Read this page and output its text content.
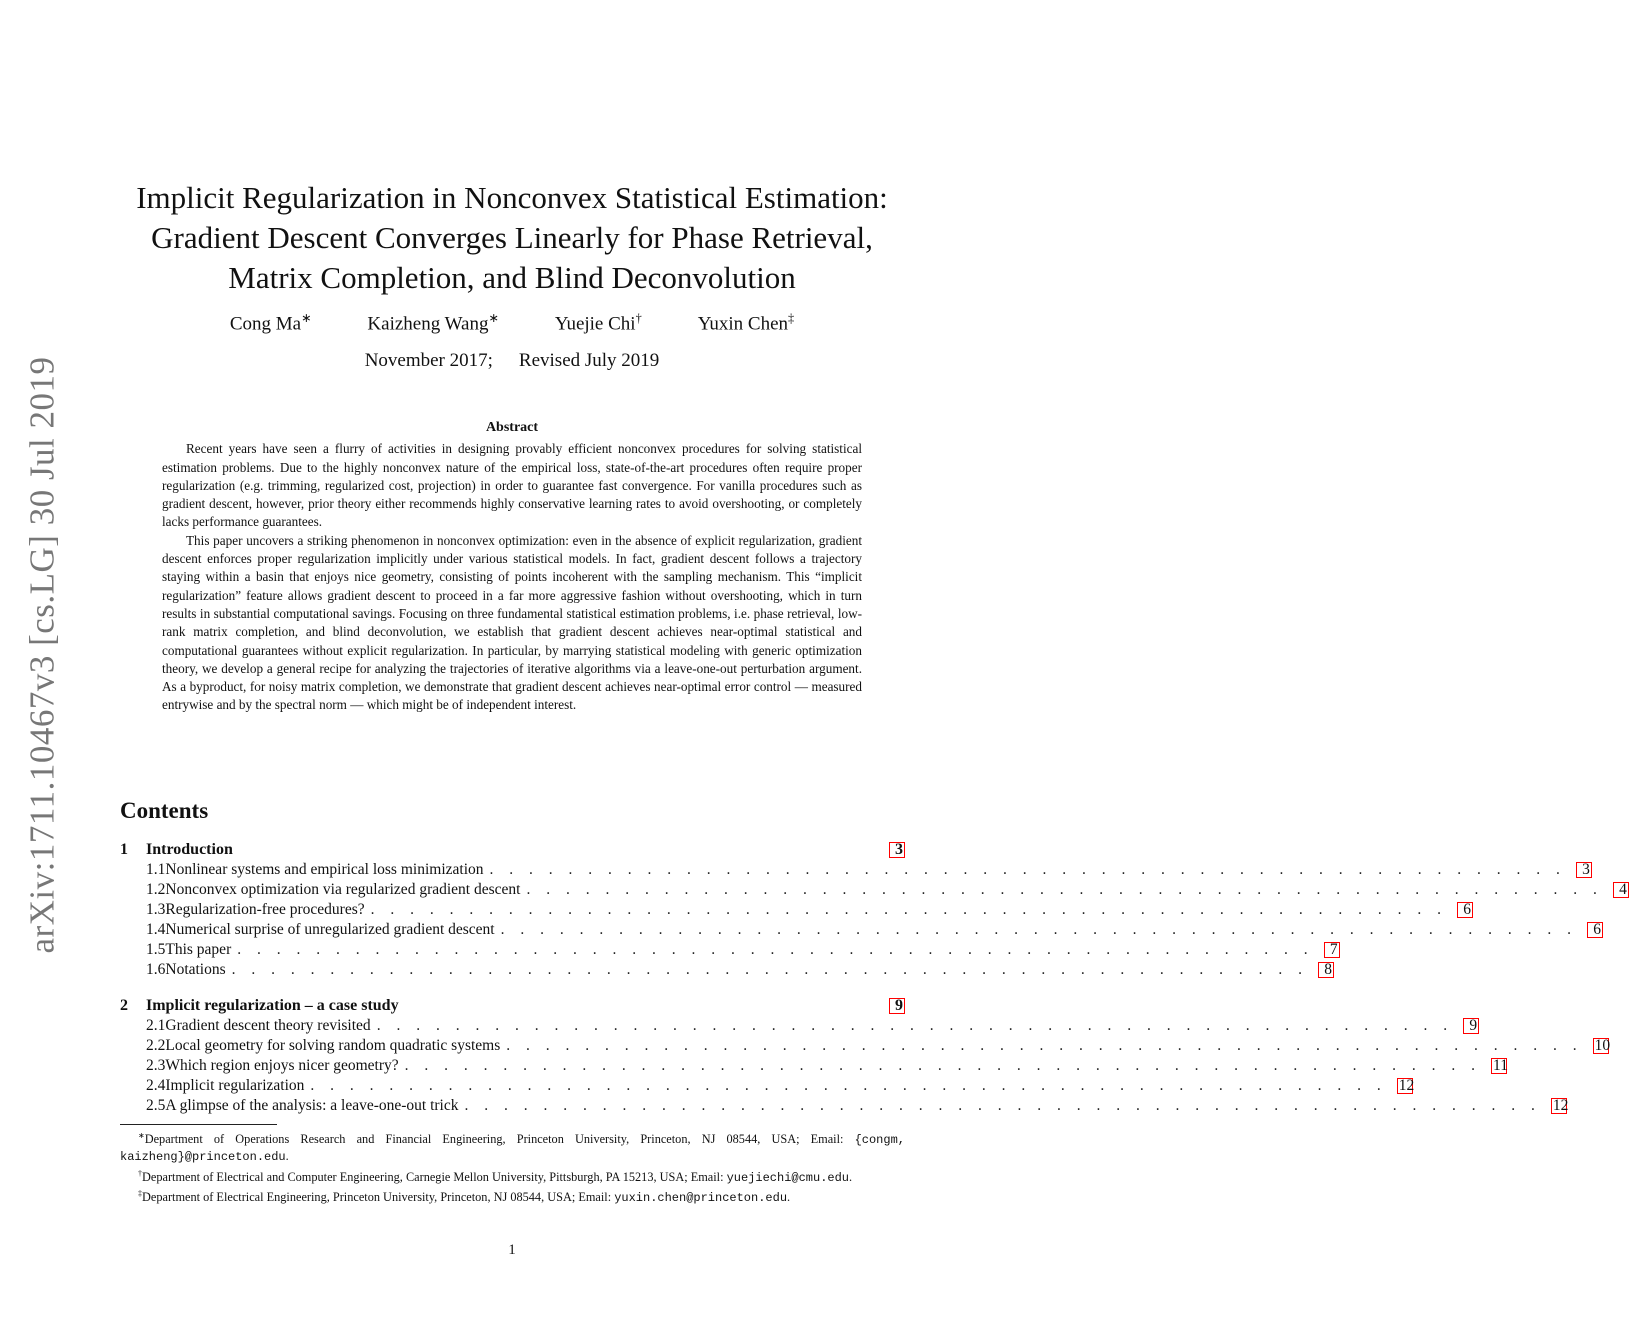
arXiv:1711.10467v3 [cs.LG] 30 Jul 2019
Implicit Regularization in Nonconvex Statistical Estimation:
Gradient Descent Converges Linearly for Phase Retrieval,
Matrix Completion, and Blind Deconvolution
Cong Ma∗	Kaizheng Wang∗	Yuejie Chi†	Yuxin Chen‡
November 2017; Revised July 2019
Abstract

Recent years have seen a flurry of activities in designing provably efficient nonconvex procedures for solving statistical estimation problems. Due to the highly nonconvex nature of the empirical loss, state-of-the-art procedures often require proper regularization (e.g. trimming, regularized cost, projection) in order to guarantee fast convergence. For vanilla procedures such as gradient descent, however, prior theory either recommends highly conservative learning rates to avoid overshooting, or completely lacks performance guarantees.

This paper uncovers a striking phenomenon in nonconvex optimization: even in the absence of explicit regularization, gradient descent enforces proper regularization implicitly under various statistical models. In fact, gradient descent follows a trajectory staying within a basin that enjoys nice geometry, consisting of points incoherent with the sampling mechanism. This “implicit regularization” feature allows gradient descent to proceed in a far more aggressive fashion without overshooting, which in turn results in substantial computational savings. Focusing on three fundamental statistical estimation problems, i.e. phase retrieval, low-rank matrix completion, and blind deconvolution, we establish that gradient descent achieves near-optimal statistical and computational guarantees without explicit regularization. In particular, by marrying statistical modeling with generic optimization theory, we develop a general recipe for analyzing the trajectories of iterative algorithms via a leave-one-out perturbation argument. As a byproduct, for noisy matrix completion, we demonstrate that gradient descent achieves near-optimal error control — measured entrywise and by the spectral norm — which might be of independent interest.

Contents
1	Introduction	3
1.1 Nonlinear systems and empirical loss minimization . . . . . . . . . . . . . . . . . . . . . . . . . . . . . . . . . . . . . . . . . . . . . . . . . . . . . . .	3
1.2 Nonconvex optimization via regularized gradient descent . . . . . . . . . . . . . . . . . . . . . . . . . . . . . . . . . . . . . . . . . . . . . . . . . . . . . . .	4
1.3 Regularization-free procedures? . . . . . . . . . . . . . . . . . . . . . . . . . . . . . . . . . . . . . . . . . . . . . . . . . . . . . . .	6
1.4 Numerical surprise of unregularized gradient descent . . . . . . . . . . . . . . . . . . . . . . . . . . . . . . . . . . . . . . . . . . . . . . . . . . . . . . .	6
1.5 This paper . . . . . . . . . . . . . . . . . . . . . . . . . . . . . . . . . . . . . . . . . . . . . . . . . . . . . . .	7
1.6 Notations . . . . . . . . . . . . . . . . . . . . . . . . . . . . . . . . . . . . . . . . . . . . . . . . . . . . . . .	8
2	Implicit regularization – a case study	9
2.1 Gradient descent theory revisited . . . . . . . . . . . . . . . . . . . . . . . . . . . . . . . . . . . . . . . . . . . . . . . . . . . . . . .	9
2.2 Local geometry for solving random quadratic systems . . . . . . . . . . . . . . . . . . . . . . . . . . . . . . . . . . . . . . . . . . . . . . . . . . . . . . . 10
2.3 Which region enjoys nicer geometry? . . . . . . . . . . . . . . . . . . . . . . . . . . . . . . . . . . . . . . . . . . . . . . . . . . . . . . . 11
2.4 Implicit regularization . . . . . . . . . . . . . . . . . . . . . . . . . . . . . . . . . . . . . . . . . . . . . . . . . . . . . . . 12
2.5 A glimpse of the analysis: a leave-one-out trick . . . . . . . . . . . . . . . . . . . . . . . . . . . . . . . . . . . . . . . . . . . . . . . . . . . . . . . 12

∗Department of Operations Research and Financial Engineering, Princeton University, Princeton, NJ 08544, USA; Email: {congm, kaizheng}@princeton.edu.

†Department of Electrical and Computer Engineering, Carnegie Mellon University, Pittsburgh, PA 15213, USA; Email: yuejiechi@cmu.edu.

‡Department of Electrical Engineering, Princeton University, Princeton, NJ 08544, USA; Email: yuxin.chen@princeton.edu.

1
